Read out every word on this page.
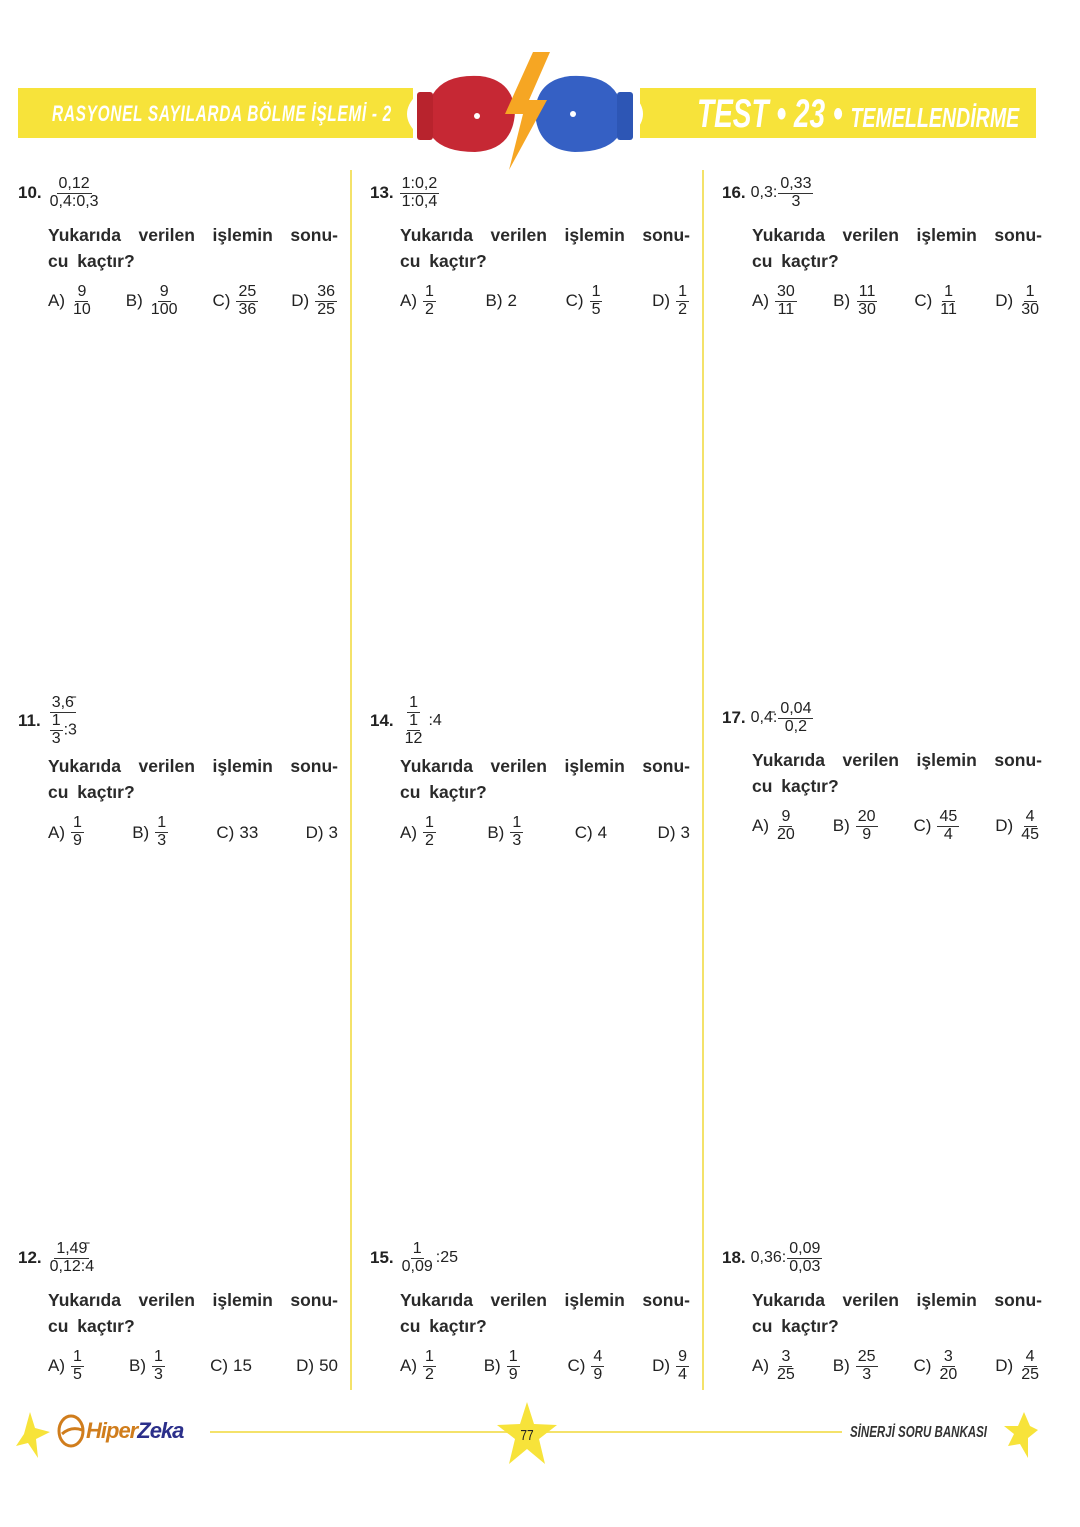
RASYONEL SAYILARDA BÖLME İŞLEMİ - 2	TEST • 23 • TEMELLENDİRME
10. $\frac{0,12}{0,4:0,3}$
Yukarıda verilen işlemin sonu- cu kaçtır?
$A) \frac{9}{10} B) \frac{9}{100} C) \frac{25}{36} D) \frac{36}{25}$
11. $\frac{3,6̄}{\frac{1}{3} :3}$
Yukarıda verilen işlemin sonu- cu kaçtır?
$A) \frac{1}{9}$	$B) \frac{1}{3}$	C) 33	D) 3
12. $\frac{1,49̄}{0,12:4}$
Yukarıda verilen işlemin sonu- cu kaçtır?
$A) \frac{1}{5}$	$B) \frac{1}{3}$	C) 15	D) 50
13. $\frac{1:0,2}{1:0,4}$
Yukarıda verilen işlemin sonu- cu kaçtır?
$A) \frac{1}{2}$	B) 2	$C) \frac{1}{5}$	$D) \frac{1}{2}$
14. $\frac{1}{\frac{1}{12}}$ :4
Yukarıda verilen işlemin sonu- cu kaçtır?
$A) \frac{1}{2}$	$B) \frac{1}{3}$	C) 4	D) 3
15. $\frac{1}{0,09}$ :25
Yukarıda verilen işlemin sonu- cu kaçtır?
$A) \frac{1}{2}$	$B) \frac{1}{9}$	$C) \frac{4}{9}$	$D) \frac{9}{4}$
16. 0,3: $\frac{0,33}{3}$
Yukarıda verilen işlemin sonu- cu kaçtır?
$A) \frac{30}{11} B) \frac{11}{30} C) \frac{1}{11} D) \frac{1}{30}$
17. 0,4̄: $\frac{0,04}{0,2}$
Yukarıda verilen işlemin sonu- cu kaçtır?
$A) \frac{9}{20} B) \frac{20}{9} C) \frac{45}{4} D) \frac{4}{45}$
18. 0,36: $\frac{0,09}{0,03}$
Yukarıda verilen işlemin sonu- cu kaçtır?
$A) \frac{3}{25} B) \frac{25}{3} C) \frac{3}{20} D) \frac{4}{25}$
Hiper Zeka	77	SİNERJİ SORU BANKASI
